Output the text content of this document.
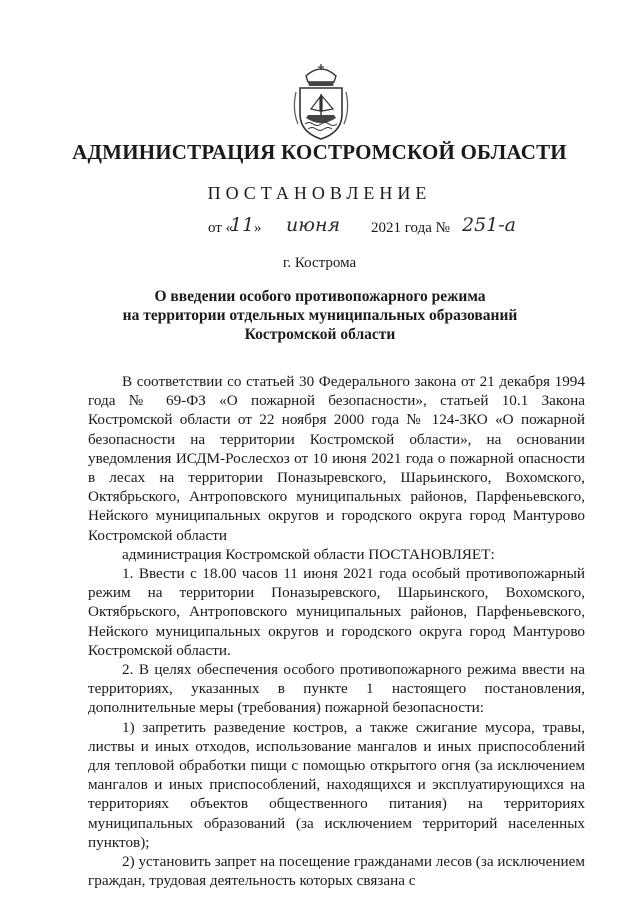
АДМИНИСТРАЦИЯ КОСТРОМСКОЙ ОБЛАСТИ
ПОСТАНОВЛЕНИЕ
от «
11 » июня 2021 года № 251-а
г. Кострома
О введении особого противопожарного режима
на территории отдельных муниципальных образований
Костромской области

В соответствии со статьей 30 Федерального закона от 21 декабря 1994 года № 69-ФЗ «О пожарной безопасности», статьей 10.1 Закона Костромской области от 22 ноября 2000 года № 124-ЗКО «О пожарной безопасности на территории Костромской области», на основании уведомления ИСДМ-Рослесхоз от 10 июня 2021 года о пожарной опасности в лесах на территории Поназыревского, Шарьинского, Вохомского, Октябрьского, Антроповского муниципальных районов, Парфеньевского, Нейского муниципальных округов и городского округа город Мантурово Костромской области

администрация Костромской области ПОСТАНОВЛЯЕТ:

1. Ввести с 18.00 часов 11 июня 2021 года особый противопожарный режим на территории Поназыревского, Шарьинского, Вохомского, Октябрьского, Антроповского муниципальных районов, Парфеньевского, Нейского муниципальных округов и городского округа город Мантурово Костромской области.

2. В целях обеспечения особого противопожарного режима ввести на территориях, указанных в пункте 1 настоящего постановления, дополнительные меры (требования) пожарной безопасности:

1) запретить разведение костров, а также сжигание мусора, травы, листвы и иных отходов, использование мангалов и иных приспособлений для тепловой обработки пищи с помощью открытого огня (за исключением мангалов и иных приспособлений, находящихся и эксплуатирующихся на территориях объектов общественного питания) на территориях муниципальных образований (за исключением территорий населенных пунктов);

2) установить запрет на посещение гражданами лесов (за исключением граждан, трудовая деятельность которых связана с
